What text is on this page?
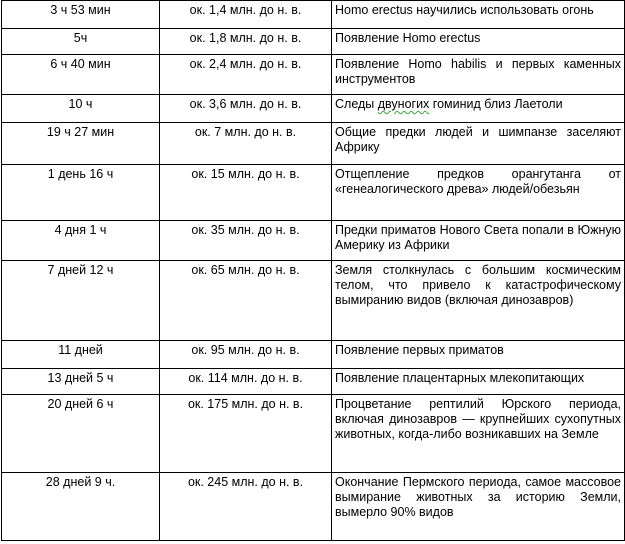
3 ч 53 мин	ок. 1,4 млн. до н. в.	Homo erectus научились использовать огонь
5ч	ок. 1,8 млн. до н. в.	Появление Homo erectus
6 ч 40 мин	ок. 2,4 млн. до н. в.	Появление Homo habilis и первых каменных инструментов
10 ч	ок. 3,6 млн. до н. в.	Следы двуногих гоминид близ Лаетоли
19 ч 27 мин	ок. 7 млн. до н. в.	Общие предки людей и шимпанзе заселяют Африку
1 день 16 ч	ок. 15 млн. до н. в.	Отщепление предков орангутанга от «генеалогического древа» людей/обезьян
4 дня 1 ч	ок. 35 млн. до н. в.	Предки приматов Нового Света попали в Южную Америку из Африки
7 дней 12 ч	ок. 65 млн. до н. в.	Земля столкнулась с большим космическим телом, что привело к катастрофическому вымиранию видов (включая динозавров)
11 дней	ок. 95 млн. до н. в.	Появление первых приматов
13 дней 5 ч	ок. 114 млн. до н. в.	Появление плацентарных млекопитающих
20 дней 6 ч	ок. 175 млн. до н. в.	Процветание рептилий Юрского периода, включая динозавров — крупнейших сухопутных животных, когда-либо возникавших на Земле
28 дней 9 ч.	ок. 245 млн. до н. в.	Окончание Пермского периода, самое массовое вымирание животных за историю Земли, вымерло 90% видов
